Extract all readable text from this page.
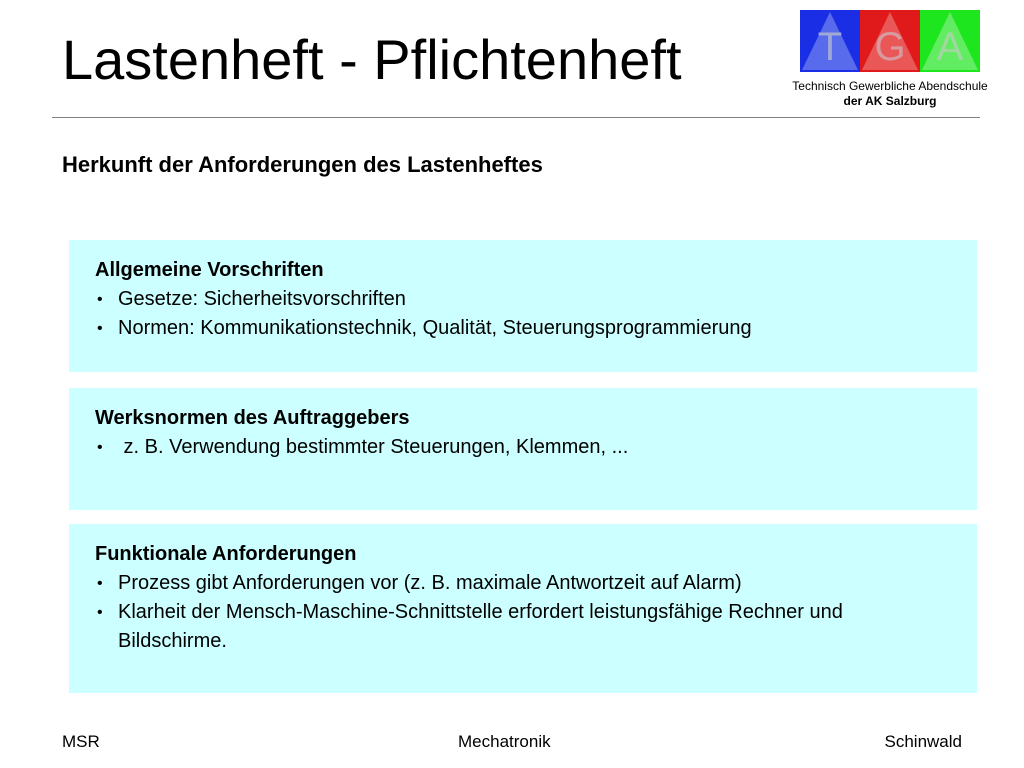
Lastenheft - Pflichtenheft	T G A
Technisch Gewerbliche Abendschule
der AK Salzburg
Herkunft der Anforderungen des Lastenheftes
Allgemeine Vorschriften
• Gesetze: Sicherheitsvorschriften
• Normen: Kommunikationstechnik, Qualität, Steuerungsprogrammierung
Werksnormen des Auftraggebers
•  z. B. Verwendung bestimmter Steuerungen, Klemmen, ...
Funktionale Anforderungen
• Prozess gibt Anforderungen vor (z. B. maximale Antwortzeit auf Alarm)
• Klarheit der Mensch-Maschine-Schnittstelle erfordert leistungsfähige Rechner und Bildschirme.
MSR	Mechatronik	Schinwald
